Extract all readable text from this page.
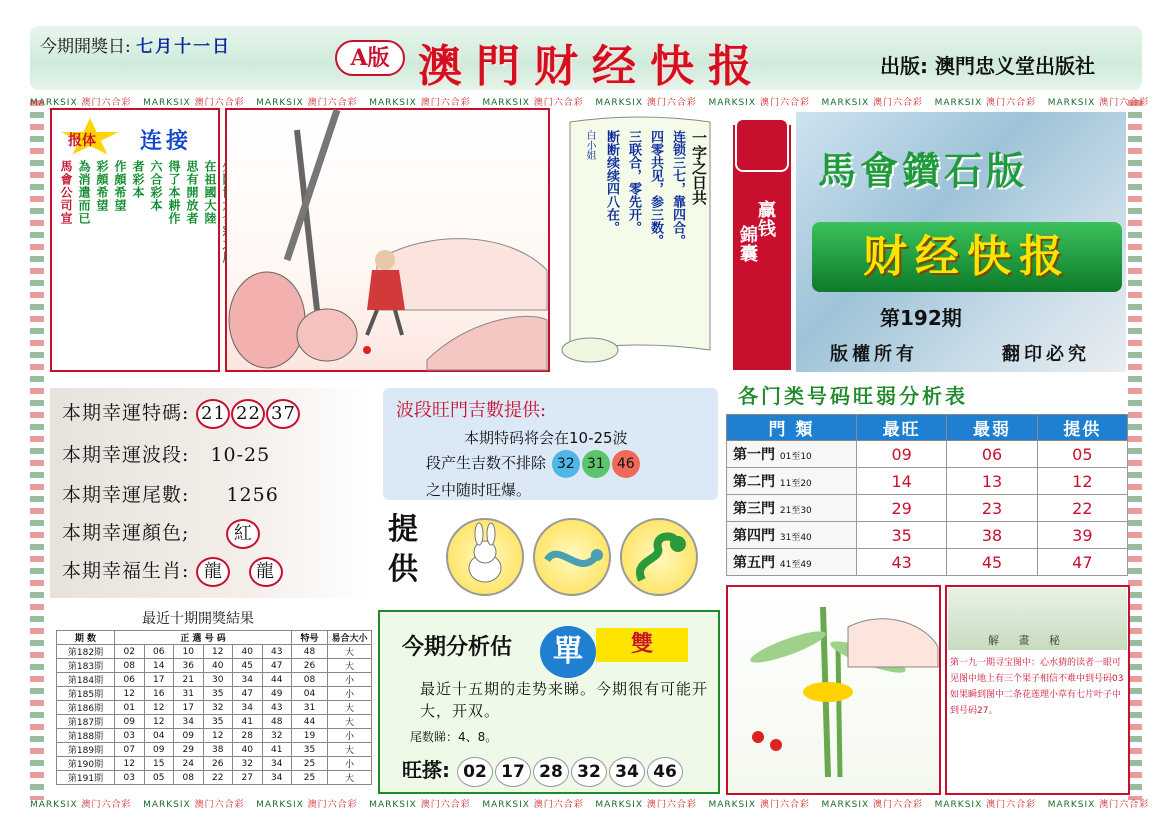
今期開獎日: 七月十一日	A版 澳門财经快报	出版: 澳門忠义堂出版社
MARKSIX 澳门六合彩   MARKSIX 澳门六合彩   MARKSIX 澳门六合彩   MARKSIX 澳门六合彩   MARKSIX 澳门六合彩   MARKSIX 澳门六合彩   MARKSIX 澳门六合彩   MARKSIX 澳门六合彩   MARKSIX 澳门六合彩   MARKSIX 澳门六合彩
MARKSIX 澳门六合彩   MARKSIX 澳门六合彩   MARKSIX 澳门六合彩   MARKSIX 澳门六合彩   MARKSIX 澳门六合彩   MARKSIX 澳门六合彩   MARKSIX 澳门六合彩   MARKSIX 澳门六合彩   MARKSIX 澳门六合彩   MARKSIX 澳门六合彩
报体 连接
在祖國大陸
思有開放者
得了本耕作
六合彩本
者彩本
作頗希望
彩頗希望
為消遣而已
馬會公司宣	一字之日共
连锁三七，靠四合。
四零共见，参三数。
三联合，零先开。
断断续续四八在。
白小姐
贏钱
錦囊
馬會鑽石版
财经快报
第192期
版權所有	翻印必究
本期幸運特碼: 21 22 37
本期幸運波段: 10-25
本期幸運尾數: 1256
本期幸運顏色; 紅
本期幸福生肖: 龍 龍
波段旺門吉數提供:
本期特码将会在10-25波
段产生吉数不排除 32 31 46
之中随时旺爆。
提供
各门类号码旺弱分析表
門 類	最旺	最弱	提供
第一門 01至10	09	06	05
第二門 11至20	14	13	12
第三門 21至30	29	23	22
第四門 31至40	35	38	39
第五門 41至49	43	45	47
最近十期開獎結果
期 数	正 選 号 码						特号	易合大小
第182期	02	06	10	12	40	43	48	大
第183期	08	14	36	40	45	47	26	大
第184期	06	17	21	30	34	44	08	小
第185期	12	16	31	35	47	49	04	小
第186期	01	12	17	32	34	43	31	大
第187期	09	12	34	35	41	48	44	大
第188期	03	04	09	12	28	32	19	小
第189期	07	09	29	38	40	41	35	大
第190期	12	15	24	26	32	34	25	小
第191期	03	05	08	22	27	34	25	大
今期分析估	單	雙
最近十五期的走势来睇。今期很有可能开大，开双。
尾数睇：4、8。
旺搽: 02 17 28 32 34 46
解 畫 秘
第一九一期寻宝图中：心水猜的读者一眼可见图中地上有三个果子相信不难中到号码03如果瞬到图中二条花莲理小草有七片叶子中到号码27。
